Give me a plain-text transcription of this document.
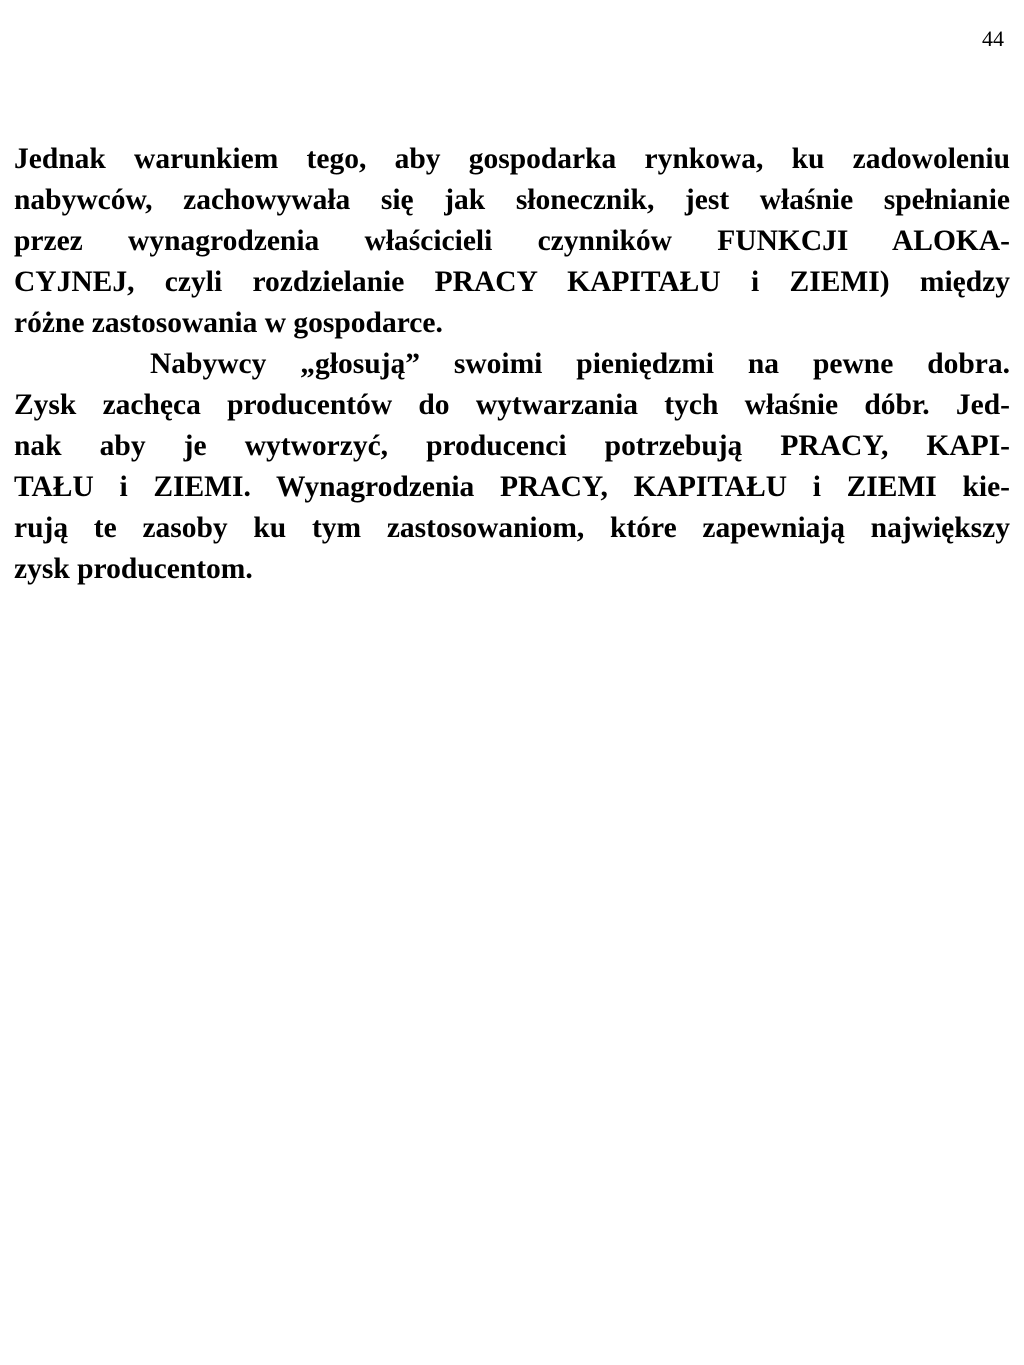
44
Jednak warunkiem tego, aby gospodarka rynkowa, ku zadowoleniu
nabywców, zachowywała się jak słonecznik, jest właśnie spełnianie
przez wynagrodzenia właścicieli czynników FUNKCJI ALOKA-
CYJNEJ, czyli rozdzielanie PRACY KAPITAŁU i ZIEMI) między
różne zastosowania w gospodarce.
Nabywcy „głosują” swoimi pieniędzmi na pewne dobra.
Zysk zachęca producentów do wytwarzania tych właśnie dóbr. Jed-
nak aby je wytworzyć, producenci potrzebują PRACY, KAPI-
TAŁU i ZIEMI. Wynagrodzenia PRACY, KAPITAŁU i ZIEMI kie-
rują te zasoby ku tym zastosowaniom, które zapewniają największy
zysk producentom.
